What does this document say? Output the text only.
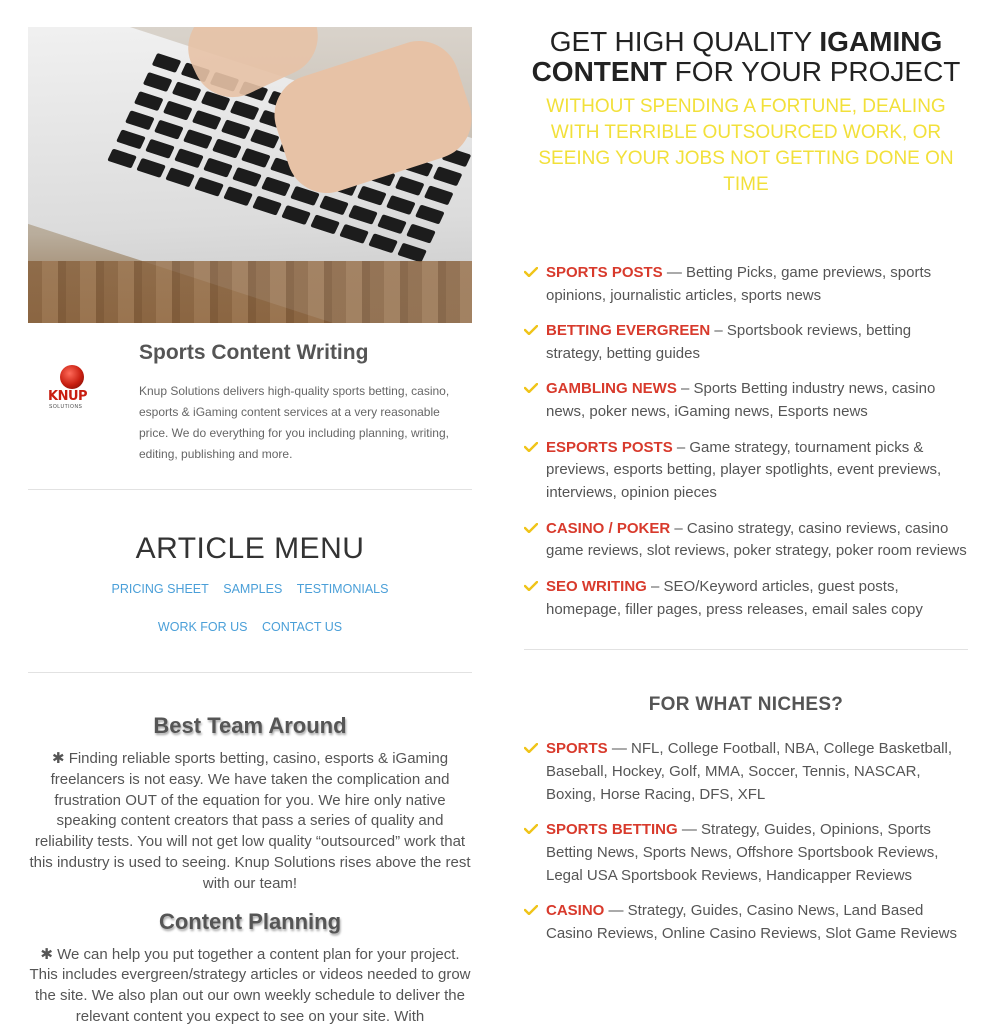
KNUP
SOLUTIONS
Sports Content Writing
Knup Solutions delivers high-quality sports betting, casino, esports & iGaming content services at a very reasonable price. We do everything for you including planning, writing, editing, publishing and more.
ARTICLE MENU
PRICING SHEET SAMPLES TESTIMONIALS
WORK FOR US CONTACT US
Best Team Around

✱ Finding reliable sports betting, casino, esports & iGaming freelancers is not easy. We have taken the complication and frustration OUT of the equation for you. We hire only native speaking content creators that pass a series of quality and reliability tests. You will not get low quality “outsourced” work that this industry is used to seeing. Knup Solutions rises above the rest with our team!

Content Planning

✱ We can help you put together a content plan for your project. This includes evergreen/strategy articles or videos needed to grow the site. We also plan out our own weekly schedule to deliver the relevant content you expect to see on your site. With

GET HIGH QUALITY IGAMING
CONTENT FOR YOUR PROJECT
WITHOUT SPENDING A FORTUNE, DEALING WITH TERRIBLE OUTSOURCED WORK, OR SEEING YOUR JOBS NOT GETTING DONE ON TIME
SPORTS POSTS — Betting Picks, game previews, sports opinions, journalistic articles, sports news
BETTING EVERGREEN – Sportsbook reviews, betting strategy, betting guides
GAMBLING NEWS – Sports Betting industry news, casino news, poker news, iGaming news, Esports news
ESPORTS POSTS – Game strategy, tournament picks & previews, esports betting, player spotlights, event previews, interviews, opinion pieces
CASINO / POKER – Casino strategy, casino reviews, casino game reviews, slot reviews, poker strategy, poker room reviews
SEO WRITING – SEO/Keyword articles, guest posts, homepage, filler pages, press releases, email sales copy
FOR WHAT NICHES?
SPORTS — NFL, College Football, NBA, College Basketball, Baseball, Hockey, Golf, MMA, Soccer, Tennis, NASCAR, Boxing, Horse Racing, DFS, XFL
SPORTS BETTING — Strategy, Guides, Opinions, Sports Betting News, Sports News, Offshore Sportsbook Reviews, Legal USA Sportsbook Reviews, Handicapper Reviews
CASINO — Strategy, Guides, Casino News, Land Based Casino Reviews, Online Casino Reviews, Slot Game Reviews
